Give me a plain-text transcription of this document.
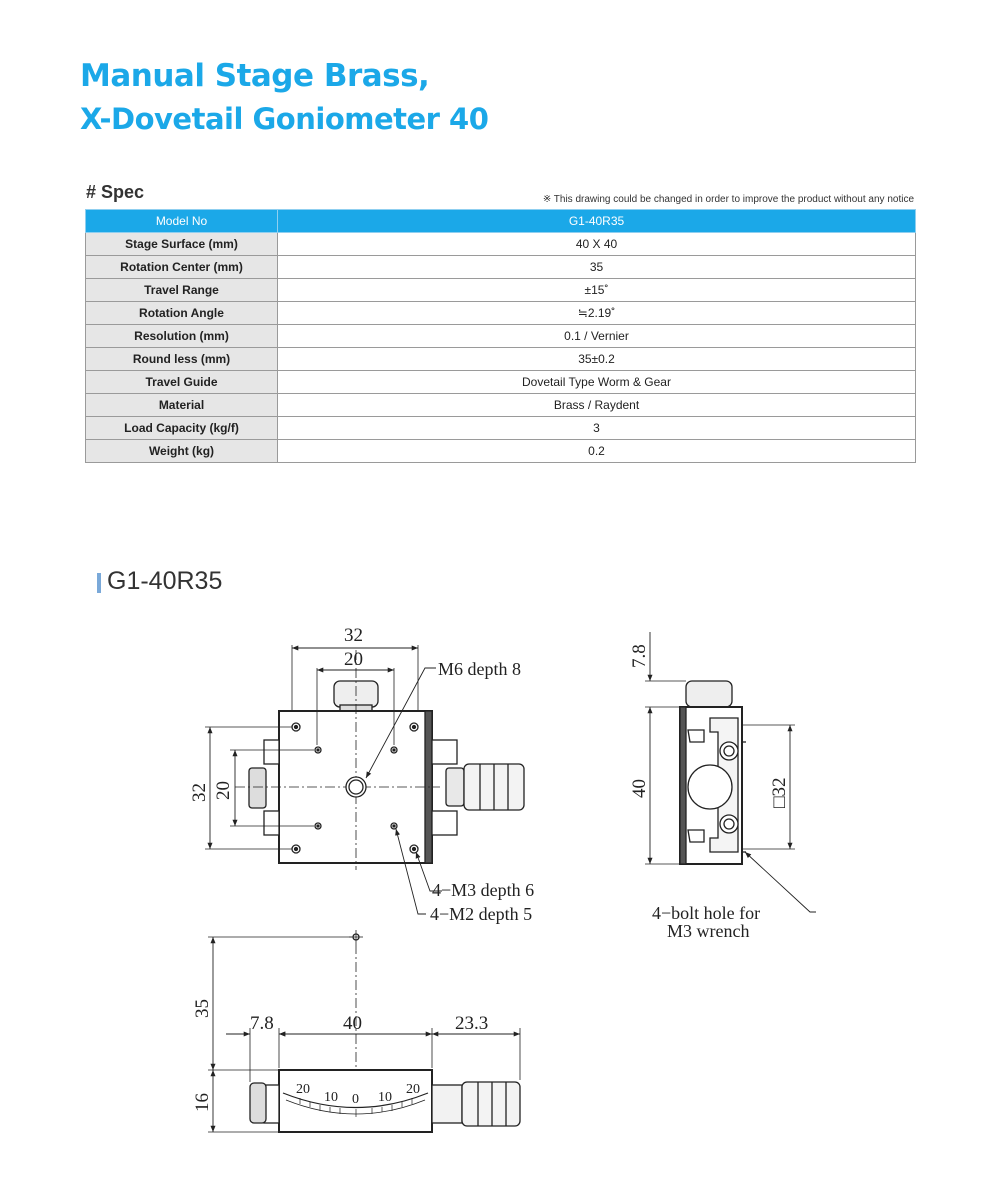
Manual Stage Brass,
X-Dovetail Goniometer 40
# Spec	※ This drawing could be changed in order to improve the product without any notice
Model No	G1-40R35
Stage Surface (mm)	40 X 40
Rotation Center (mm)	35
Travel Range	±15˚
Rotation Angle	≒2.19˚
Resolution (mm)	0.1 / Vernier
Round less (mm)	35±0.2
Travel Guide	Dovetail Type Worm & Gear
Material	Brass / Raydent
Load Capacity (kg/f)	3
Weight (kg)	0.2
G1-40R35
32
20	M6 depth 8
32 20
4−M3 depth 6
4−M2 depth 5
7.8
40	□32
4−bolt hole for
M3 wrench
35
16
7.8	40	23.3
20
10 0 10
20
